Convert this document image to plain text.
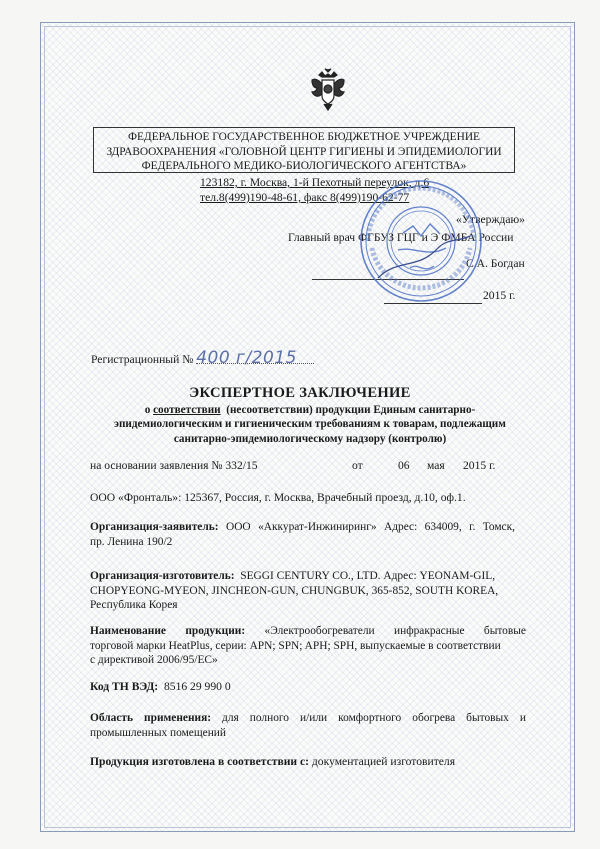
ФЕДЕРАЛЬНОЕ ГОСУДАРСТВЕННОЕ БЮДЖЕТНОЕ УЧРЕЖДЕНИЕ
ЗДРАВООХРАНЕНИЯ «ГОЛОВНОЙ ЦЕНТР ГИГИЕНЫ И ЭПИДЕМИОЛОГИИ
ФЕДЕРАЛЬНОГО МЕДИКО-БИОЛОГИЧЕСКОГО АГЕНТСТВА»
123182, г. Москва, 1-й Пехотный переулок, д.6
тел.8(499)190-48-61, факс 8(499)190-62-77
«Утверждаю»
Главный врач ФГБУЗ ГЦГ и Э ФМБА России
С.А. Богдан
2015 г.
Регистрационный № 400 г/2015
ЭКСПЕРТНОЕ ЗАКЛЮЧЕНИЕ
о соответствии (несоответствии) продукции Единым санитарно-
эпидемиологическим и гигиеническим требованиям к товарам, подлежащим
санитарно-эпидемиологическому надзору (контролю)
на основании заявления № 332/15	от	06 мая 2015 г.
ООО «Фронталь»: 125367, Россия, г. Москва, Врачебный проезд, д.10, оф.1.
Организация-заявитель: ООО «Аккурат-Инжиниринг» Адрес: 634009, г. Томск,
пр. Ленина 190/2
Организация-изготовитель: SEGGI CENTURY CO., LTD. Адрес: YEONAM-GIL,
CHOPYEONG-MYEON, JINCHEON-GUN, CHUNGBUK, 365-852, SOUTH KOREA,
Республика Корея
Наименование продукции: «Электрообогреватели инфракрасные бытовые
торговой марки HeatPlus, серии: APN; SPN; APH; SPH, выпускаемые в соответствии
с директивой 2006/95/EC»
Код ТН ВЭД: 8516 29 990 0
Область применения: для полного и/или комфортного обогрева бытовых и
промышленных помещений
Продукция изготовлена в соответствии с: документацией изготовителя
